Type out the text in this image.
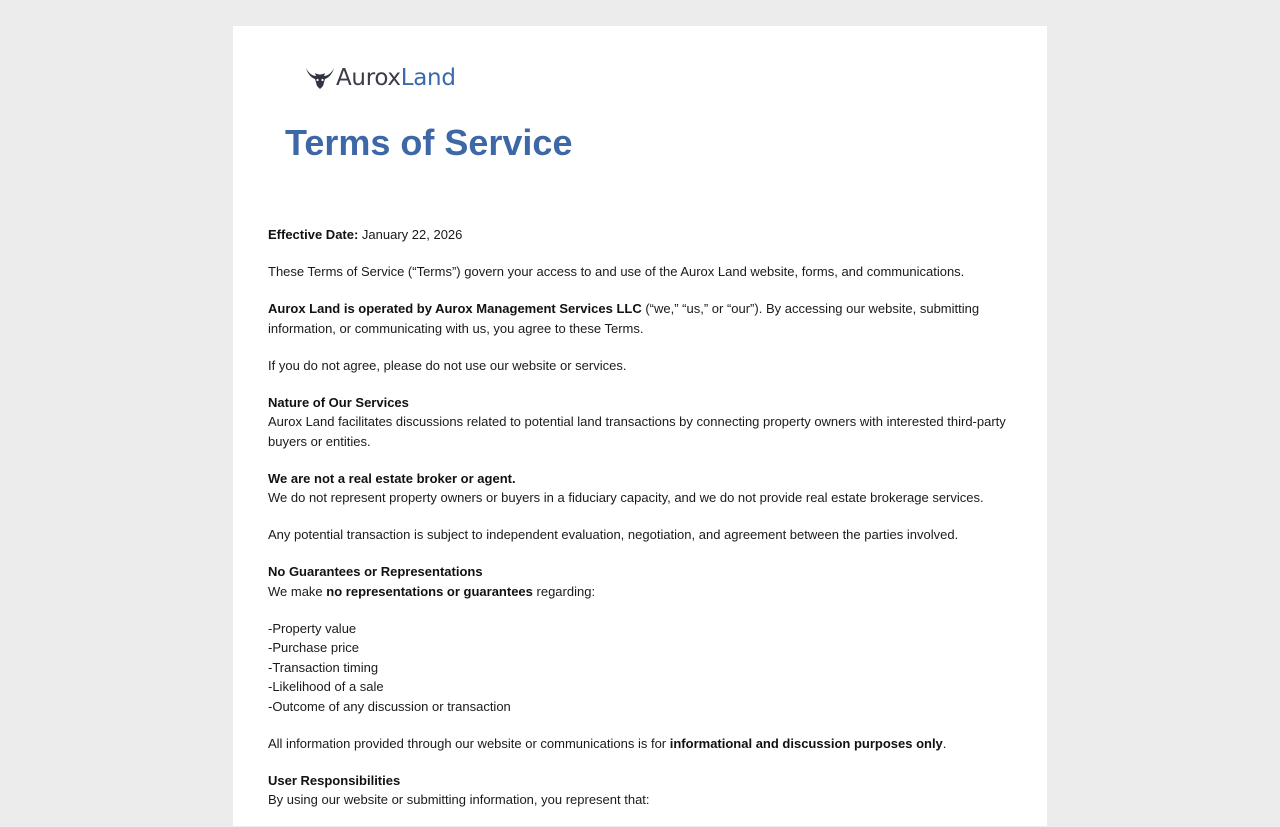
AuroxLand
Terms of Service

Effective Date: January 22, 2026

These Terms of Service (“Terms”) govern your access to and use of the Aurox Land website, forms, and communications.

Aurox Land is operated by Aurox Management Services LLC (“we,” “us,” or “our”). By accessing our website, submitting information, or communicating with us, you agree to these Terms.

If you do not agree, please do not use our website or services.

Nature of Our Services
Aurox Land facilitates discussions related to potential land transactions by connecting property owners with interested third-party buyers or entities.

We are not a real estate broker or agent.
We do not represent property owners or buyers in a fiduciary capacity, and we do not provide real estate brokerage services.

Any potential transaction is subject to independent evaluation, negotiation, and agreement between the parties involved.

No Guarantees or Representations
We make no representations or guarantees regarding:

-Property value
-Purchase price
-Transaction timing
-Likelihood of a sale
-Outcome of any discussion or transaction

All information provided through our website or communications is for informational and discussion purposes only.

User Responsibilities
By using our website or submitting information, you represent that:
